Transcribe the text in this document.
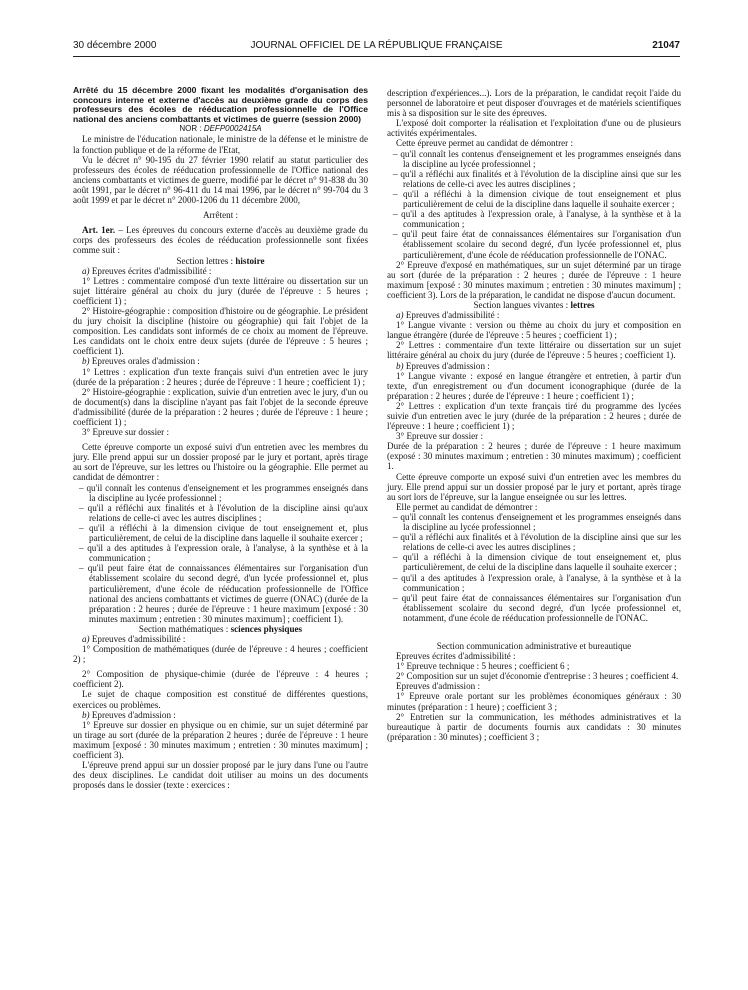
30 décembre 2000	JOURNAL OFFICIEL DE LA RÉPUBLIQUE FRANÇAISE	21047

Arrêté du 15 décembre 2000 fixant les modalités d'organisation des concours interne et externe d'accès au deuxième grade du corps des professeurs des écoles de rééducation professionnelle de l'Office national des anciens combattants et victimes de guerre (session 2000)

NOR : DEFP0002415A

Le ministre de l'éducation nationale, le ministre de la défense et le ministre de la fonction publique et de la réforme de l'Etat,

Vu le décret n° 90-195 du 27 février 1990 relatif au statut particulier des professeurs des écoles de rééducation professionnelle de l'Office national des anciens combattants et victimes de guerre, modifié par le décret n° 91-838 du 30 août 1991, par le décret n° 96-411 du 14 mai 1996, par le décret n° 99-704 du 3 août 1999 et par le décret n° 2000-1206 du 11 décembre 2000,

Arrêtent :

Art. 1er. – Les épreuves du concours externe d'accès au deuxième grade du corps des professeurs des écoles de rééducation professionnelle sont fixées comme suit :

Section lettres : histoire

a) Epreuves écrites d'admissibilité :

1° Lettres : commentaire composé d'un texte littéraire ou dissertation sur un sujet littéraire général au choix du jury (durée de l'épreuve : 5 heures ; coefficient 1) ;

2° Histoire-géographie : composition d'histoire ou de géographie. Le président du jury choisit la discipline (histoire ou géographie) qui fait l'objet de la composition. Les candidats sont informés de ce choix au moment de l'épreuve. Les candidats ont le choix entre deux sujets (durée de l'épreuve : 5 heures ; coefficient 1).

b) Epreuves orales d'admission :

1° Lettres : explication d'un texte français suivi d'un entretien avec le jury (durée de la préparation : 2 heures ; durée de l'épreuve : 1 heure ; coefficient 1) ;

2° Histoire-géographie : explication, suivie d'un entretien avec le jury, d'un ou de document(s) dans la discipline n'ayant pas fait l'objet de la seconde épreuve d'admissibilité (durée de la préparation : 2 heures ; durée de l'épreuve : 1 heure ; coefficient 1) ;

3° Epreuve sur dossier :

Cette épreuve comporte un exposé suivi d'un entretien avec les membres du jury. Elle prend appui sur un dossier proposé par le jury et portant, après tirage au sort de l'épreuve, sur les lettres ou l'histoire ou la géographie. Elle permet au candidat de démontrer :

– qu'il connaît les contenus d'enseignement et les programmes enseignés dans la discipline au lycée professionnel ;
– qu'il a réfléchi aux finalités et à l'évolution de la discipline ainsi qu'aux relations de celle-ci avec les autres disciplines ;
– qu'il a réfléchi à la dimension civique de tout enseignement et, plus particulièrement, de celui de la discipline dans laquelle il souhaite exercer ;
– qu'il a des aptitudes à l'expression orale, à l'analyse, à la synthèse et à la communication ;
– qu'il peut faire état de connaissances élémentaires sur l'organisation d'un établissement scolaire du second degré, d'un lycée professionnel et, plus particulièrement, d'une école de rééducation professionnelle de l'Office national des anciens combattants et victimes de guerre (ONAC) (durée de la préparation : 2 heures ; durée de l'épreuve : 1 heure maximum [exposé : 30 minutes maximum ; entretien : 30 minutes maximum] ; coefficient 1).

Section mathématiques : sciences physiques

a) Epreuves d'admissibilité :

1° Composition de mathématiques (durée de l'épreuve : 4 heures ; coefficient 2) ;

2° Composition de physique-chimie (durée de l'épreuve : 4 heures ; coefficient 2).

Le sujet de chaque composition est constitué de différentes questions, exercices ou problèmes.

b) Epreuves d'admission :

1° Epreuve sur dossier en physique ou en chimie, sur un sujet déterminé par un tirage au sort (durée de la préparation 2 heures ; durée de l'épreuve : 1 heure maximum [exposé : 30 minutes maximum ; entretien : 30 minutes maximum] ; coefficient 3).

L'épreuve prend appui sur un dossier proposé par le jury dans l'une ou l'autre des deux disciplines. Le candidat doit utiliser au moins un des documents proposés dans le dossier (texte : exercices :

description d'expériences...). Lors de la préparation, le candidat reçoit l'aide du personnel de laboratoire et peut disposer d'ouvrages et de matériels scientifiques mis à sa disposition sur le site des épreuves.

L'exposé doit comporter la réalisation et l'exploitation d'une ou de plusieurs activités expérimentales.

Cette épreuve permet au candidat de démontrer :

– qu'il connaît les contenus d'enseignement et les programmes enseignés dans la discipline au lycée professionnel ;
– qu'il a réfléchi aux finalités et à l'évolution de la discipline ainsi que sur les relations de celle-ci avec les autres disciplines ;
– qu'il a réfléchi à la dimension civique de tout enseignement et plus particulièrement de celui de la discipline dans laquelle il souhaite exercer ;
– qu'il a des aptitudes à l'expression orale, à l'analyse, à la synthèse et à la communication ;
– qu'il peut faire état de connaissances élémentaires sur l'organisation d'un établissement scolaire du second degré, d'un lycée professionnel et, plus particulièrement, d'une école de rééducation professionnelle de l'ONAC.

2° Epreuve d'exposé en mathématiques, sur un sujet déterminé par un tirage au sort (durée de la préparation : 2 heures ; durée de l'épreuve : 1 heure maximum [exposé : 30 minutes maximum ; entretien : 30 minutes maximum] ; coefficient 3). Lors de la préparation, le candidat ne dispose d'aucun document.

Section langues vivantes : lettres

a) Epreuves d'admissibilité :

1° Langue vivante : version ou thème au choix du jury et composition en langue étrangère (durée de l'épreuve : 5 heures ; coefficient 1) ;

2° Lettres : commentaire d'un texte littéraire ou dissertation sur un sujet littéraire général au choix du jury (durée de l'épreuve : 5 heures ; coefficient 1).

b) Epreuves d'admission :

1° Langue vivante : exposé en langue étrangère et entretien, à partir d'un texte, d'un enregistrement ou d'un document iconographique (durée de la préparation : 2 heures ; durée de l'épreuve : 1 heure ; coefficient 1) ;

2° Lettres : explication d'un texte français tiré du programme des lycées suivie d'un entretien avec le jury (durée de la préparation : 2 heures ; durée de l'épreuve : 1 heure ; coefficient 1) ;

3° Epreuve sur dossier :

Durée de la préparation : 2 heures ; durée de l'épreuve : 1 heure maximum (exposé : 30 minutes maximum ; entretien : 30 minutes maximum) ; coefficient 1.

Cette épreuve comporte un exposé suivi d'un entretien avec les membres du jury. Elle prend appui sur un dossier proposé par le jury et portant, après tirage au sort lors de l'épreuve, sur la langue enseignée ou sur les lettres.

Elle permet au candidat de démontrer :

– qu'il connaît les contenus d'enseignement et les programmes enseignés dans la discipline au lycée professionnel ;
– qu'il a réfléchi aux finalités et à l'évolution de la discipline ainsi que sur les relations de celle-ci avec les autres disciplines ;
– qu'il a réfléchi à la dimension civique de tout enseignement et, plus particulièrement, de celui de la discipline dans laquelle il souhaite exercer ;
– qu'il a des aptitudes à l'expression orale, à l'analyse, à la synthèse et à la communication ;
– qu'il peut faire état de connaissances élémentaires sur l'organisation d'un établissement scolaire du second degré, d'un lycée professionnel et, notamment, d'une école de rééducation professionnelle de l'ONAC.

Section communication administrative et bureautique

Epreuves écrites d'admissibilité :

1° Epreuve technique : 5 heures ; coefficient 6 ;

2° Composition sur un sujet d'économie d'entreprise : 3 heures ; coefficient 4.

Epreuves d'admission :

1° Epreuve orale portant sur les problèmes économiques généraux : 30 minutes (préparation : 1 heure) ; coefficient 3 ;

2° Entretien sur la communication, les méthodes administratives et la bureautique à partir de documents fournis aux candidats : 30 minutes (préparation : 30 minutes) ; coefficient 3 ;
